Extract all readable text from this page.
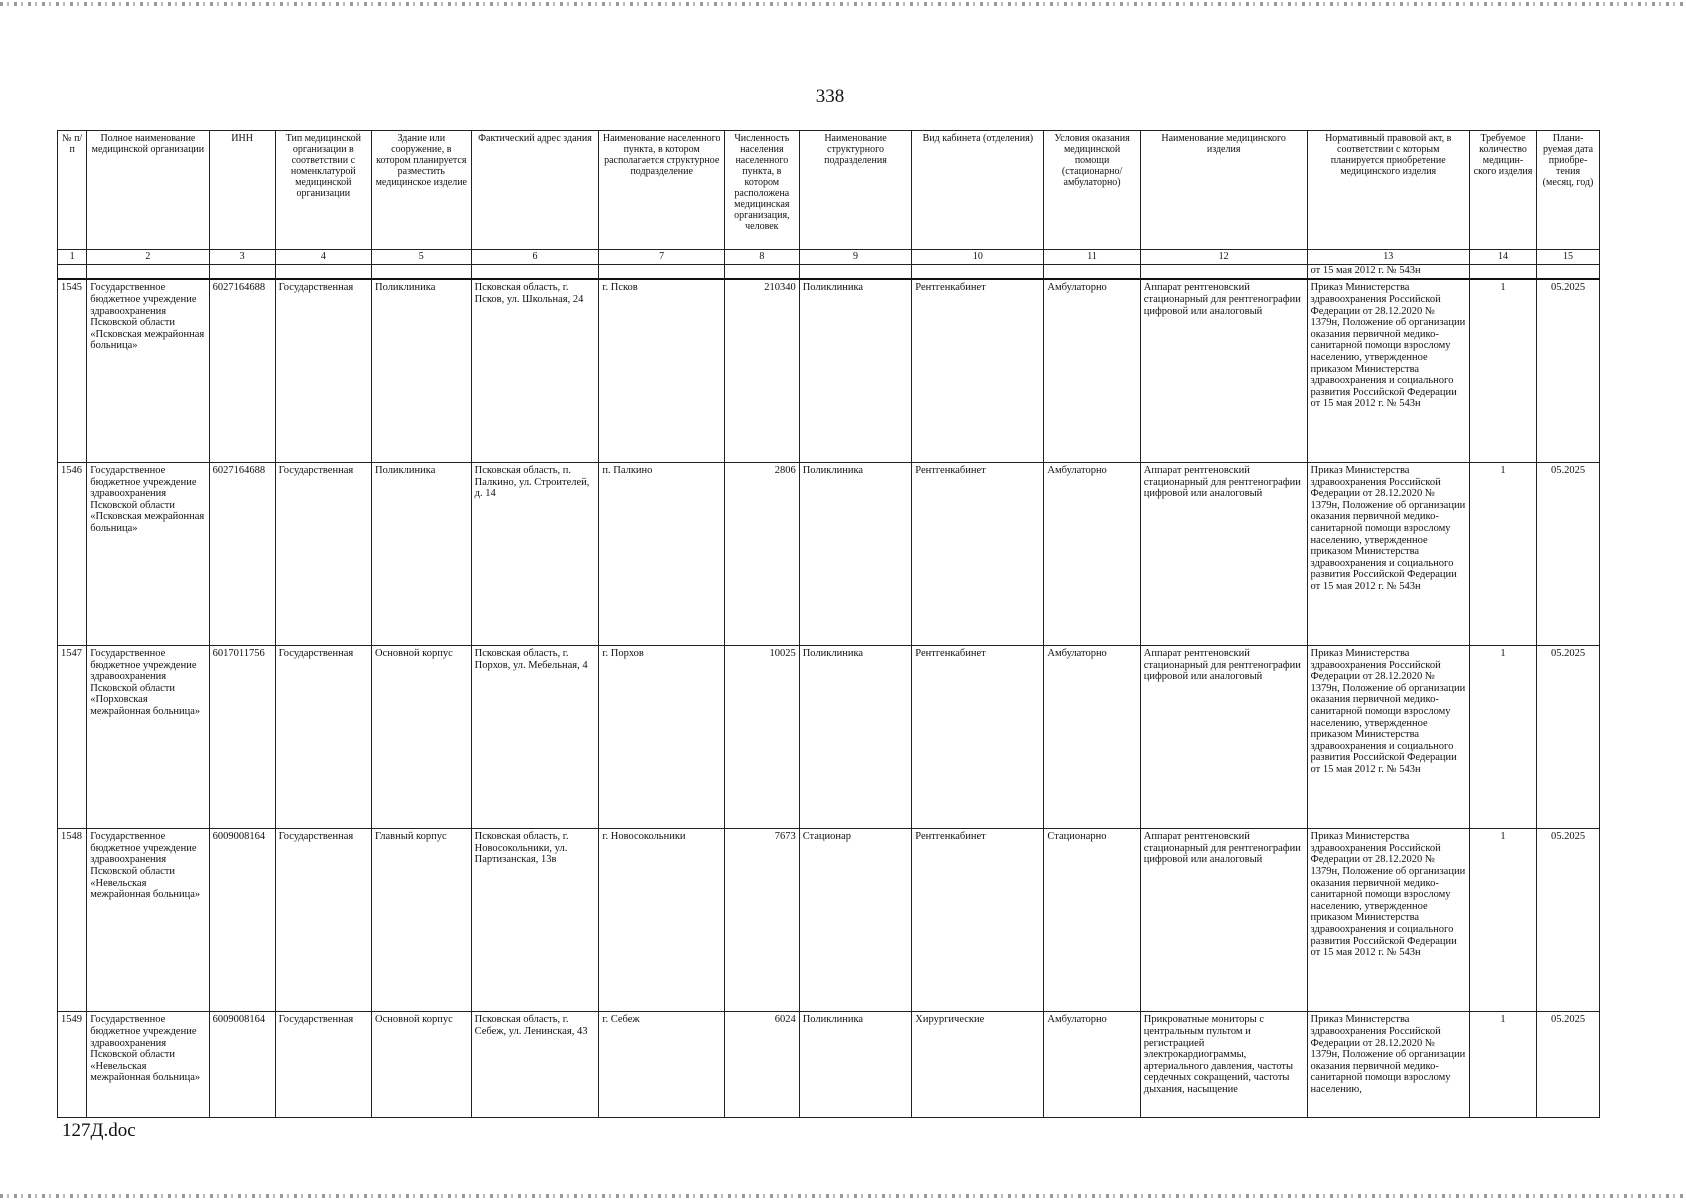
338
№ п/п	Полное наименование медицинской организации	ИНН	Тип медицинской организации в соответствии с номенклатурой медицинской организации	Здание или сооружение, в котором планируется разместить медицинское изделие	Фактический адрес здания	Наименование населенного пункта, в котором располагается структурное подразделение	Численность населения населенного пункта, в котором расположена медицинская организация, человек	Наименование структурного подразделения	Вид кабинета (отделения)	Условия оказания медицинской помощи (стационарно/ амбулаторно)	Наименование медицинского изделия	Нормативный правовой акт, в соответствии с которым планируется приобретение медицинского изделия	Требуемое количество медицин-ского изделия	Плани-руемая дата приобре-тения (месяц, год)
1	2	3	4	5	6	7	8	9	10	11	12	13	14	15
												от 15 мая 2012 г. № 543н		
1545	Государственное бюджетное учреждение здравоохранения Псковской области «Псковская межрайонная больница»	6027164688	Государственная	Поликлиника	Псковская область, г. Псков, ул. Школьная, 24	г. Псков	210340	Поликлиника	Рентгенкабинет	Амбулаторно	Аппарат рентгеновский стационарный для рентгенографии цифровой или аналоговый	Приказ Министерства здравоохранения Российской Федерации от 28.12.2020 № 1379н, Положение об организации оказания первичной медико-санитарной помощи взрослому населению, утвержденное приказом Министерства здравоохранения и социального развития Российской Федерации от 15 мая 2012 г. № 543н	1	05.2025
1546	Государственное бюджетное учреждение здравоохранения Псковской области «Псковская межрайонная больница»	6027164688	Государственная	Поликлиника	Псковская область, п. Палкино, ул. Строителей, д. 14	п. Палкино	2806	Поликлиника	Рентгенкабинет	Амбулаторно	Аппарат рентгеновский стационарный для рентгенографии цифровой или аналоговый	Приказ Министерства здравоохранения Российской Федерации от 28.12.2020 № 1379н, Положение об организации оказания первичной медико-санитарной помощи взрослому населению, утвержденное приказом Министерства здравоохранения и социального развития Российской Федерации от 15 мая 2012 г. № 543н	1	05.2025
1547	Государственное бюджетное учреждение здравоохранения Псковской области «Порховская межрайонная больница»	6017011756	Государственная	Основной корпус	Псковская область, г. Порхов, ул. Мебельная, 4	г. Порхов	10025	Поликлиника	Рентгенкабинет	Амбулаторно	Аппарат рентгеновский стационарный для рентгенографии цифровой или аналоговый	Приказ Министерства здравоохранения Российской Федерации от 28.12.2020 № 1379н, Положение об организации оказания первичной медико-санитарной помощи взрослому населению, утвержденное приказом Министерства здравоохранения и социального развития Российской Федерации от 15 мая 2012 г. № 543н	1	05.2025
1548	Государственное бюджетное учреждение здравоохранения Псковской области «Невельская межрайонная больница»	6009008164	Государственная	Главный корпус	Псковская область, г. Новосокольники, ул. Партизанская, 13в	г. Новосокольники	7673	Стационар	Рентгенкабинет	Стационарно	Аппарат рентгеновский стационарный для рентгенографии цифровой или аналоговый	Приказ Министерства здравоохранения Российской Федерации от 28.12.2020 № 1379н, Положение об организации оказания первичной медико-санитарной помощи взрослому населению, утвержденное приказом Министерства здравоохранения и социального развития Российской Федерации от 15 мая 2012 г. № 543н	1	05.2025
1549	Государственное бюджетное учреждение здравоохранения Псковской области «Невельская межрайонная больница»	6009008164	Государственная	Основной корпус	Псковская область, г. Себеж, ул. Ленинская, 43	г. Себеж	6024	Поликлиника	Хирургические	Амбулаторно	Прикроватные мониторы с центральным пультом и регистрацией электрокардиограммы, артериального давления, частоты сердечных сокращений, частоты дыхания, насыщение	Приказ Министерства здравоохранения Российской Федерации от 28.12.2020 № 1379н, Положение об организации оказания первичной медико-санитарной помощи взрослому населению,	1	05.2025
127Д.doc
